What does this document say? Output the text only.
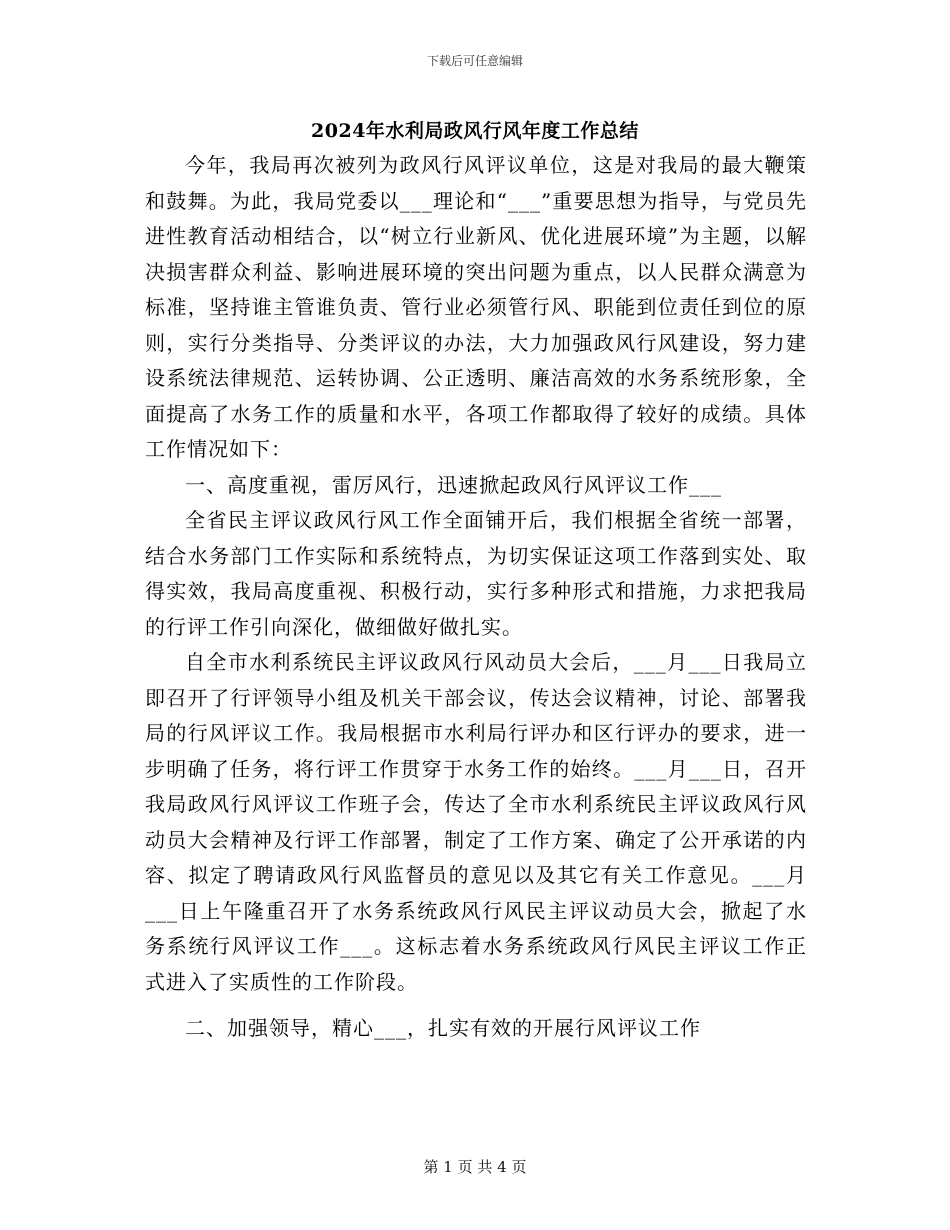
下载后可任意编辑
2024年水利局政风行风年度工作总结

今年，我局再次被列为政风行风评议单位，这是对我局的最大鞭策和鼓舞。为此，我局党委以___理论和“___”重要思想为指导，与党员先进性教育活动相结合，以“树立行业新风、优化进展环境”为主题，以解决损害群众利益、影响进展环境的突出问题为重点，以人民群众满意为标准，坚持谁主管谁负责、管行业必须管行风、职能到位责任到位的原则，实行分类指导、分类评议的办法，大力加强政风行风建设，努力建设系统法律规范、运转协调、公正透明、廉洁高效的水务系统形象，全面提高了水务工作的质量和水平，各项工作都取得了较好的成绩。具体工作情况如下：

一、高度重视，雷厉风行，迅速掀起政风行风评议工作___

全省民主评议政风行风工作全面铺开后，我们根据全省统一部署，结合水务部门工作实际和系统特点，为切实保证这项工作落到实处、取得实效，我局高度重视、积极行动，实行多种形式和措施，力求把我局的行评工作引向深化，做细做好做扎实。

自全市水利系统民主评议政风行风动员大会后，___月___日我局立即召开了行评领导小组及机关干部会议，传达会议精神，讨论、部署我局的行风评议工作。我局根据市水利局行评办和区行评办的要求，进一步明确了任务，将行评工作贯穿于水务工作的始终。___月___日，召开我局政风行风评议工作班子会，传达了全市水利系统民主评议政风行风动员大会精神及行评工作部署，制定了工作方案、确定了公开承诺的内容、拟定了聘请政风行风监督员的意见以及其它有关工作意见。___月___日上午隆重召开了水务系统政风行风民主评议动员大会，掀起了水务系统行风评议工作___。这标志着水务系统政风行风民主评议工作正式进入了实质性的工作阶段。

二、加强领导，精心___，扎实有效的开展行风评议工作

第 1 页 共 4 页
